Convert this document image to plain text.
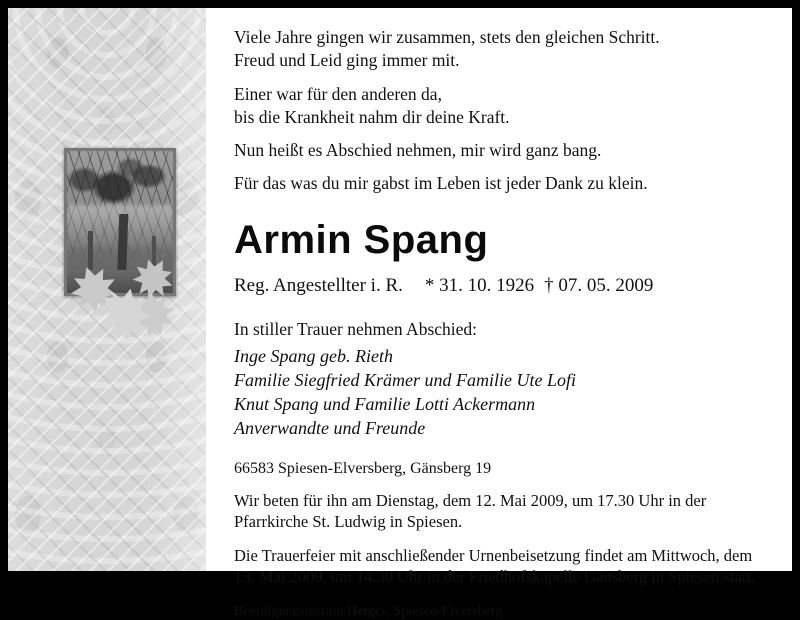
Viele Jahre gingen wir zusammen, stets den gleichen Schritt.
Freud und Leid ging immer mit.

Einer war für den anderen da,
bis die Krankheit nahm dir deine Kraft.

Nun heißt es Abschied nehmen, mir wird ganz bang.

Für das was du mir gabst im Leben ist jeder Dank zu klein.

Armin Spang
Reg. Angestellter i. R. * 31. 10. 1926 † 07. 05. 2009
In stiller Trauer nehmen Abschied:
Inge Spang geb. Rieth
Familie Siegfried Krämer und Familie Ute Lofi
Knut Spang und Familie Lotti Ackermann
Anverwandte und Freunde
66583 Spiesen-Elversberg, Gänsberg 19
Wir beten für ihn am Dienstag, dem 12. Mai 2009, um 17.30 Uhr in der Pfarrkirche St. Ludwig in Spiesen.
Die Trauerfeier mit anschließender Urnenbeisetzung findet am Mittwoch, dem 13. Mai 2009, um 14.30 Uhr in der Friedhofskapelle Gänsberg in Spiesen statt.
Beerdigungsinstitut Herges, Spiesen-Elversberg
